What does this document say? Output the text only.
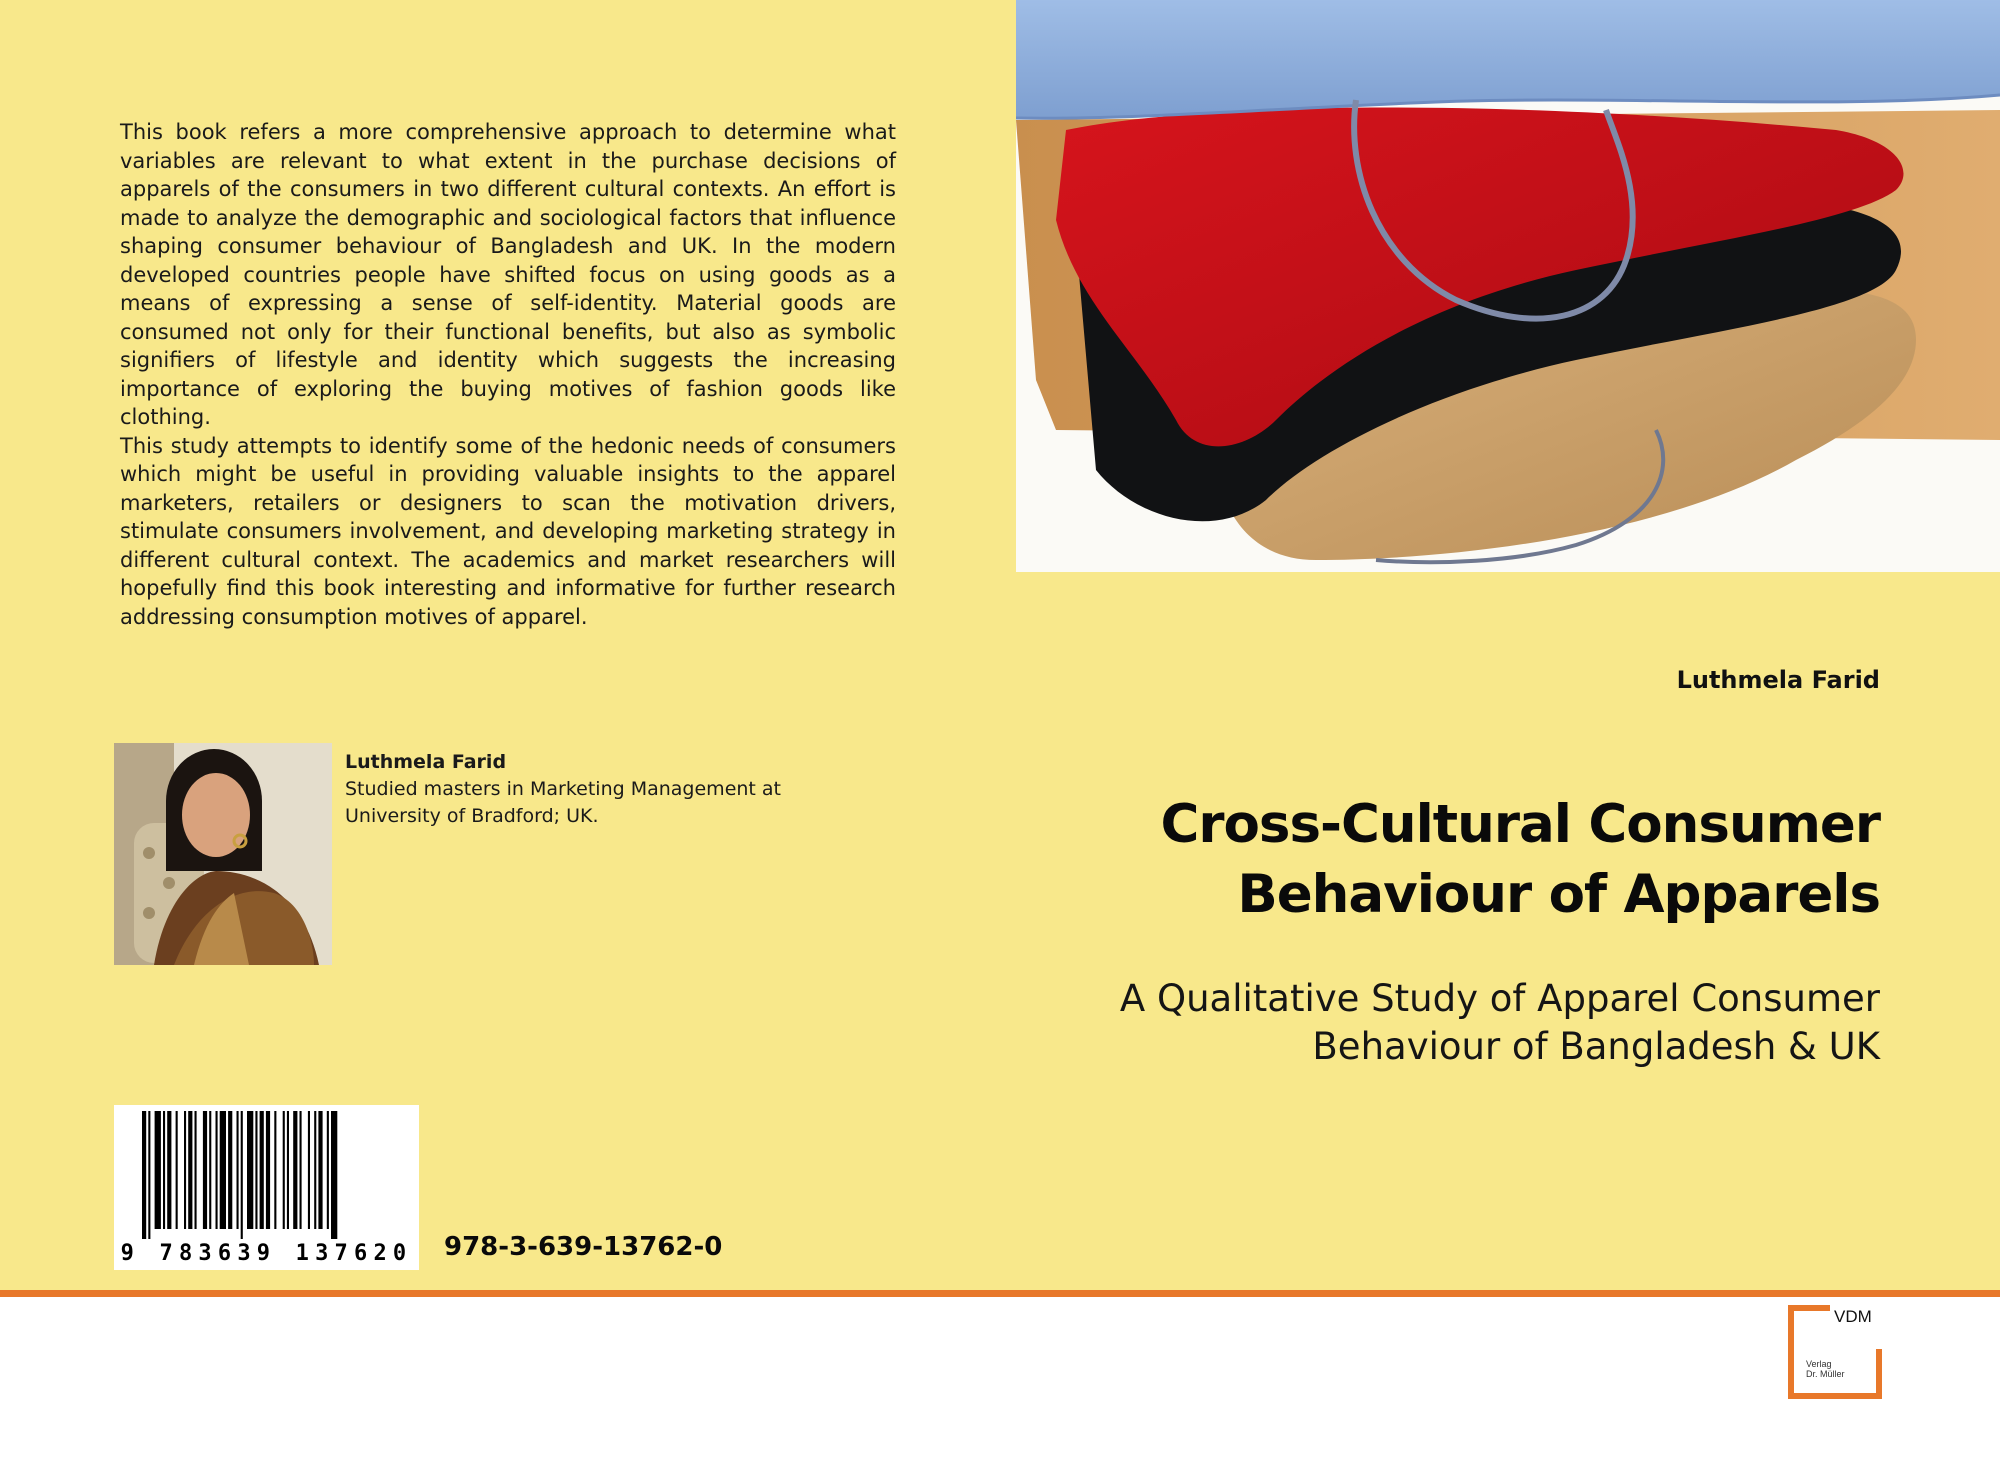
This book refers a more comprehensive approach to determine what variables are relevant to what extent in the purchase decisions of apparels of the consumers in two different cultural contexts. An effort is made to analyze the demographic and sociological factors that influence shaping consumer behaviour of Bangladesh and UK. In the modern developed countries people have shifted focus on using goods as a means of expressing a sense of self-identity. Material goods are consumed not only for their functional benefits, but also as symbolic signifiers of lifestyle and identity which suggests the increasing importance of exploring the buying motives of fashion goods like clothing.

This study attempts to identify some of the hedonic needs of consumers which might be useful in providing valuable insights to the apparel marketers, retailers or designers to scan the motivation drivers, stimulate consumers involvement, and developing marketing strategy in different cultural context. The academics and market researchers will hopefully find this book interesting and informative for further research addressing consumption motives of apparel.

Luthmela Farid
Cross-Cultural Consumer
Behaviour of Apparels
A Qualitative Study of Apparel Consumer
Behaviour of Bangladesh & UK
Luthmela Farid
Studied masters in Marketing Management at
University of Bradford; UK.
9 783639 137620 978-3-639-13762-0
VDM
Verlag
Dr. Müller
